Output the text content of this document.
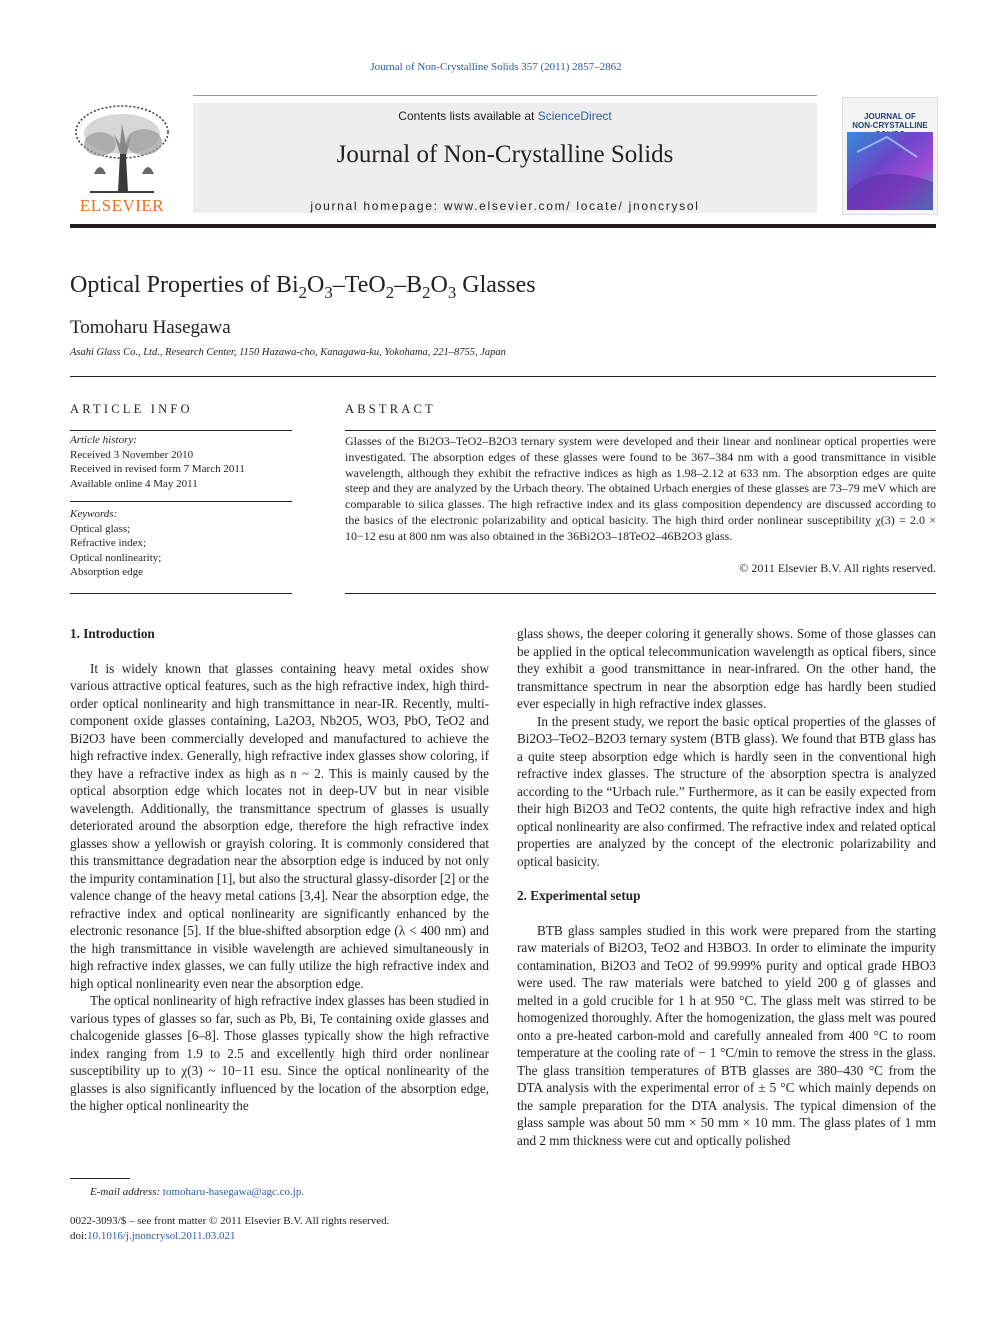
Journal of Non-Crystalline Solids 357 (2011) 2857–2862
ELSEVIER
Contents lists available at ScienceDirect
Journal of Non-Crystalline Solids
journal homepage: www.elsevier.com/ locate/ jnoncrysol
JOURNAL OF
NON-CRYSTALLINE
Optical Properties of $Bi_2O_3-TeO_2-B_2O_3$ Glasses
Tomoharu Hasegawa
Asahi Glass Co., Ltd., Research Center, 1150 Hazawa-cho, Kanagawa-ku, Yokohama, 221–8755, Japan
ARTICLE INFO	ABSTRACT
Article history:
Received 3 November 2010
Received in revised form 7 March 2011
Available online 4 May 2011
Keywords:
Optical glass;
Refractive index;
Optical nonlinearity;
Absorption edge
Glasses of the Bi2O3–TeO2–B2O3 ternary system were developed and their linear and nonlinear optical properties were investigated. The absorption edges of these glasses were found to be 367–384 nm with a good transmittance in visible wavelength, although they exhibit the refractive indices as high as 1.98–2.12 at 633 nm. The absorption edges are quite steep and they are analyzed by the Urbach theory. The obtained Urbach energies of these glasses are 73–79 meV which are comparable to silica glasses. The high refractive index and its glass composition dependency are discussed according to the basics of the electronic polarizability and optical basicity. The high third order nonlinear susceptibility χ(3) = 2.0 × 10−12 esu at 800 nm was also obtained in the 36Bi2O3–18TeO2–46B2O3 glass.
© 2011 Elsevier B.V. All rights reserved.

1. Introduction

It is widely known that glasses containing heavy metal oxides show various attractive optical features, such as the high refractive index, high third-order optical nonlinearity and high transmittance in near-IR. Recently, multi-component oxide glasses containing, La2O3, Nb2O5, WO3, PbO, TeO2 and Bi2O3 have been commercially developed and manufactured to achieve the high refractive index. Generally, high refractive index glasses show coloring, if they have a refractive index as high as n ~ 2. This is mainly caused by the optical absorption edge which locates not in deep-UV but in near visible wavelength. Additionally, the transmittance spectrum of glasses is usually deteriorated around the absorption edge, therefore the high refractive index glasses show a yellowish or grayish coloring. It is commonly considered that this transmittance degradation near the absorption edge is induced by not only the impurity contamination [1], but also the structural glassy-disorder [2] or the valence change of the heavy metal cations [3,4]. Near the absorption edge, the refractive index and optical nonlinearity are significantly enhanced by the electronic resonance [5]. If the blue-shifted absorption edge (λ < 400 nm) and the high transmittance in visible wavelength are achieved simultaneously in high refractive index glasses, we can fully utilize the high refractive index and high optical nonlinearity even near the absorption edge.

The optical nonlinearity of high refractive index glasses has been studied in various types of glasses so far, such as Pb, Bi, Te containing oxide glasses and chalcogenide glasses [6–8]. Those glasses typically show the high refractive index ranging from 1.9 to 2.5 and excellently high third order nonlinear susceptibility up to χ(3) ~ 10−11 esu. Since the optical nonlinearity of the glasses is also significantly influenced by the location of the absorption edge, the higher optical nonlinearity the

glass shows, the deeper coloring it generally shows. Some of those glasses can be applied in the optical telecommunication wavelength as optical fibers, since they exhibit a good transmittance in near-infrared. On the other hand, the transmittance spectrum in near the absorption edge has hardly been studied ever especially in high refractive index glasses.

In the present study, we report the basic optical properties of the glasses of Bi2O3–TeO2–B2O3 ternary system (BTB glass). We found that BTB glass has a quite steep absorption edge which is hardly seen in the conventional high refractive index glasses. The structure of the absorption spectra is analyzed according to the “Urbach rule.” Furthermore, as it can be easily expected from their high Bi2O3 and TeO2 contents, the quite high refractive index and high optical nonlinearity are also confirmed. The refractive index and related optical properties are analyzed by the concept of the electronic polarizability and optical basicity.

2. Experimental setup

BTB glass samples studied in this work were prepared from the starting raw materials of Bi2O3, TeO2 and H3BO3. In order to eliminate the impurity contamination, Bi2O3 and TeO2 of 99.999% purity and optical grade HBO3 were used. The raw materials were batched to yield 200 g of glasses and melted in a gold crucible for 1 h at 950 °C. The glass melt was stirred to be homogenized thoroughly. After the homogenization, the glass melt was poured onto a pre-heated carbon-mold and carefully annealed from 400 °C to room temperature at the cooling rate of − 1 °C/min to remove the stress in the glass. The glass transition temperatures of BTB glasses are 380–430 °C from the DTA analysis with the experimental error of ± 5 °C which mainly depends on the sample preparation for the DTA analysis. The typical dimension of the glass sample was about 50 mm × 50 mm × 10 mm. The glass plates of 1 mm and 2 mm thickness were cut and optically polished

E-mail address: tomoharu-hasegawa@agc.co.jp.
0022-3093/$ – see front matter © 2011 Elsevier B.V. All rights reserved.
doi:10.1016/j.jnoncrysol.2011.03.021
